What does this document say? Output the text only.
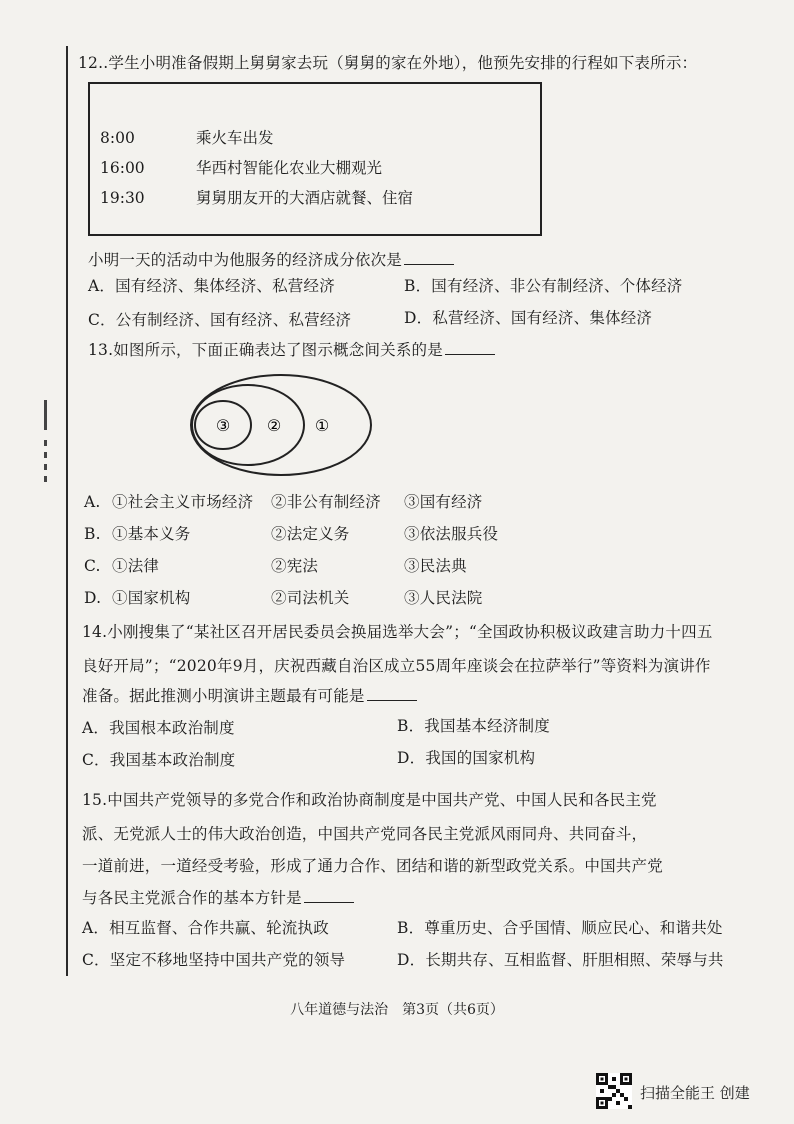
12..学生小明准备假期上舅舅家去玩（舅舅的家在外地），他预先安排的行程如下表所示：
8:00	乘火车出发
16:00	华西村智能化农业大棚观光
19:30	舅舅朋友开的大酒店就餐、住宿
小明一天的活动中为他服务的经济成分依次是
A．国有经济、集体经济、私营经济	B．国有经济、非公有制经济、个体经济
C．公有制经济、国有经济、私营经济	D．私营经济、国有经济、集体经济
13.如图所示，下面正确表达了图示概念间关系的是
③ ② ①
A. ①社会主义市场经济 ②非公有制经济 ③国有经济
B. ①基本义务	②法定义务	③依法服兵役
C. ①法律	②宪法	③民法典
D. ①国家机构	②司法机关	③人民法院
14.小刚搜集了“某社区召开居民委员会换届选举大会”；“全国政协积极议政建言助力十四五
良好开局”；“2020年9月，庆祝西藏自治区成立55周年座谈会在拉萨举行”等资料为演讲作
准备。据此推测小明演讲主题最有可能是
A．我国根本政治制度	B．我国基本经济制度
C．我国基本政治制度	D．我国的国家机构
15.中国共产党领导的多党合作和政治协商制度是中国共产党、中国人民和各民主党
派、无党派人士的伟大政治创造，中国共产党同各民主党派风雨同舟、共同奋斗，
一道前进，一道经受考验，形成了通力合作、团结和谐的新型政党关系。中国共产党
与各民主党派合作的基本方针是
A．相互监督、合作共赢、轮流执政	B．尊重历史、合乎国情、顺应民心、和谐共处
C．坚定不移地坚持中国共产党的领导	D．长期共存、互相监督、肝胆相照、荣辱与共
八年道德与法治　第3页（共6页）
扫描全能王 创建
